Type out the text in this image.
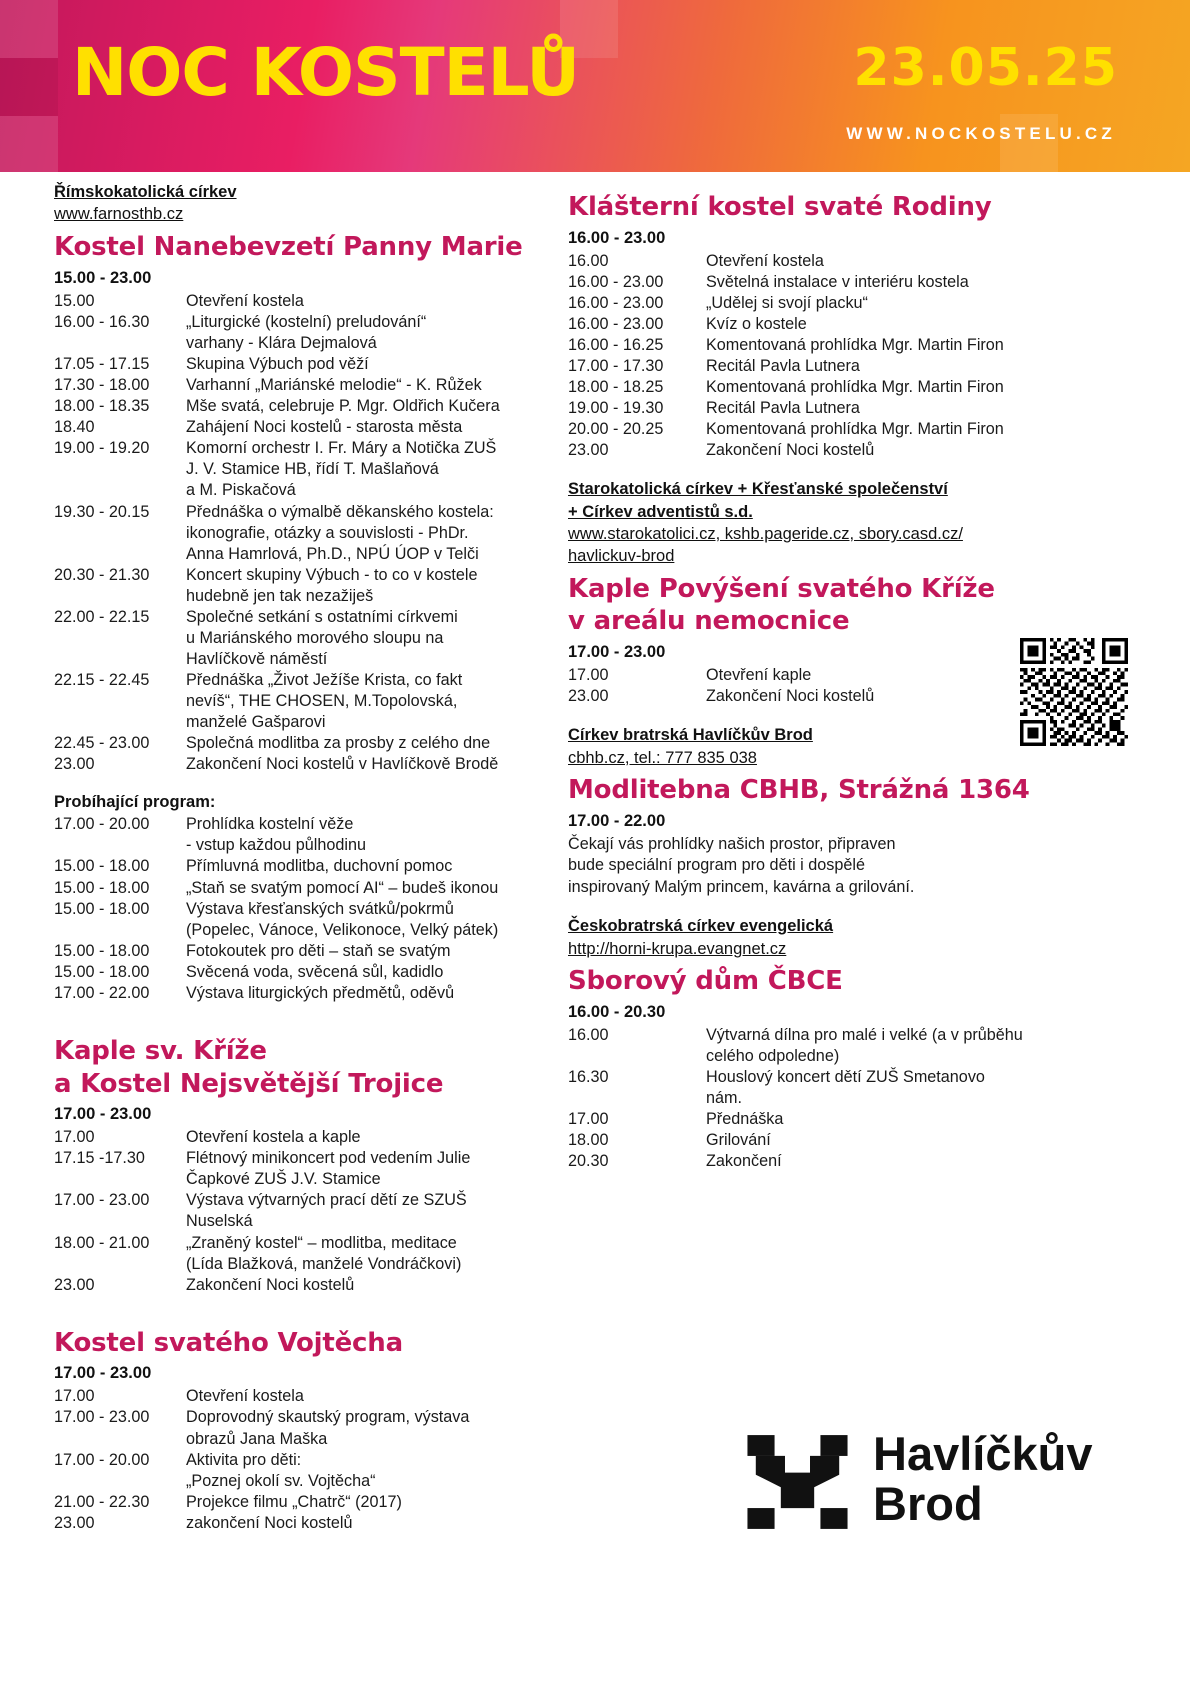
NOC KOSTELŮ	23.05.25
WWW.NOCKOSTELU.CZ
Římskokatolická církev
www.farnosthb.cz
Kostel Nanebevzetí Panny Marie
15.00 - 23.00
15.00	Otevření kostela
16.00 - 16.30	„Liturgické (kostelní) preludování“
varhany - Klára Dejmalová
17.05 - 17.15	Skupina Výbuch pod věží
17.30 - 18.00	Varhanní „Mariánské melodie“ - K. Růžek
18.00 - 18.35	Mše svatá, celebruje P. Mgr. Oldřich Kučera
18.40	Zahájení Noci kostelů - starosta města
19.00 - 19.20	Komorní orchestr I. Fr. Máry a Notička ZUŠ
J. V. Stamice HB, řídí T. Mašlaňová
a M. Piskačová
19.30 - 20.15	Přednáška o výmalbě děkanského kostela:
ikonografie, otázky a souvislosti - PhDr.
Anna Hamrlová, Ph.D., NPÚ ÚOP v Telči
20.30 - 21.30	Koncert skupiny Výbuch - to co v kostele
hudebně jen tak nezažiješ
22.00 - 22.15	Společné setkání s ostatními církvemi
u Mariánského morového sloupu na
Havlíčkově náměstí
22.15 - 22.45	Přednáška „Život Ježíše Krista, co fakt
nevíš“, THE CHOSEN, M.Topolovská,
manželé Gašparovi
22.45 - 23.00	Společná modlitba za prosby z celého dne
23.00	Zakončení Noci kostelů v Havlíčkově Brodě
Probíhající program:
17.00 - 20.00	Prohlídka kostelní věže
- vstup každou půlhodinu
15.00 - 18.00	Přímluvná modlitba, duchovní pomoc
15.00 - 18.00	„Staň se svatým pomocí AI“ – budeš ikonou
15.00 - 18.00	Výstava křesťanských svátků/pokrmů
(Popelec, Vánoce, Velikonoce, Velký pátek)
15.00 - 18.00	Fotokoutek pro děti – staň se svatým
15.00 - 18.00	Svěcená voda, svěcená sůl, kadidlo
17.00 - 22.00	Výstava liturgických předmětů, oděvů
Kaple sv. Kříže
a Kostel Nejsvětější Trojice
17.00 - 23.00
17.00	Otevření kostela a kaple
17.15 -17.30	Flétnový minikoncert pod vedením Julie
Čapkové ZUŠ J.V. Stamice
17.00 - 23.00	Výstava výtvarných prací dětí ze SZUŠ
Nuselská
18.00 - 21.00	„Zraněný kostel“ – modlitba, meditace
(Lída Blažková, manželé Vondráčkovi)
23.00	Zakončení Noci kostelů
Kostel svatého Vojtěcha
17.00 - 23.00
17.00	Otevření kostela
17.00 - 23.00	Doprovodný skautský program, výstava
obrazů Jana Maška
17.00 - 20.00	Aktivita pro děti:
„Poznej okolí sv. Vojtěcha“
21.00 - 22.30	Projekce filmu „Chatrč“ (2017)
23.00	zakončení Noci kostelů
Klášterní kostel svaté Rodiny
16.00 - 23.00
16.00	Otevření kostela
16.00 - 23.00	Světelná instalace v interiéru kostela
16.00 - 23.00	„Udělej si svojí placku“
16.00 - 23.00	Kvíz o kostele
16.00 - 16.25	Komentovaná prohlídka Mgr. Martin Firon
17.00 - 17.30	Recitál Pavla Lutnera
18.00 - 18.25	Komentovaná prohlídka Mgr. Martin Firon
19.00 - 19.30	Recitál Pavla Lutnera
20.00 - 20.25	Komentovaná prohlídka Mgr. Martin Firon
23.00	Zakončení Noci kostelů
Starokatolická církev + Křesťanské společenství
+ Církev adventistů s.d.
www.starokatolici.cz, kshb.pageride.cz, sbory.casd.cz/
havlickuv-brod
Kaple Povýšení svatého Kříže
v areálu nemocnice
17.00 - 23.00
17.00	Otevření kaple
23.00	Zakončení Noci kostelů
Církev bratrská Havlíčkův Brod
cbhb.cz, tel.: 777 835 038
Modlitebna CBHB, Strážná 1364
17.00 - 22.00
Čekají vás prohlídky našich prostor, připraven bude speciální program pro děti i dospělé inspirovaný Malým princem, kavárna a grilování.
Českobratrská církev evengelická
http://horni-krupa.evangnet.cz
Sborový dům ČBCE
16.00 - 20.30
16.00	Výtvarná dílna pro malé i velké (a v průběhu
celého odpoledne)
16.30	Houslový koncert dětí ZUŠ Smetanovo
nám.
17.00	Přednáška
18.00	Grilování
20.30	Zakončení
Havlíčkův
Brod
